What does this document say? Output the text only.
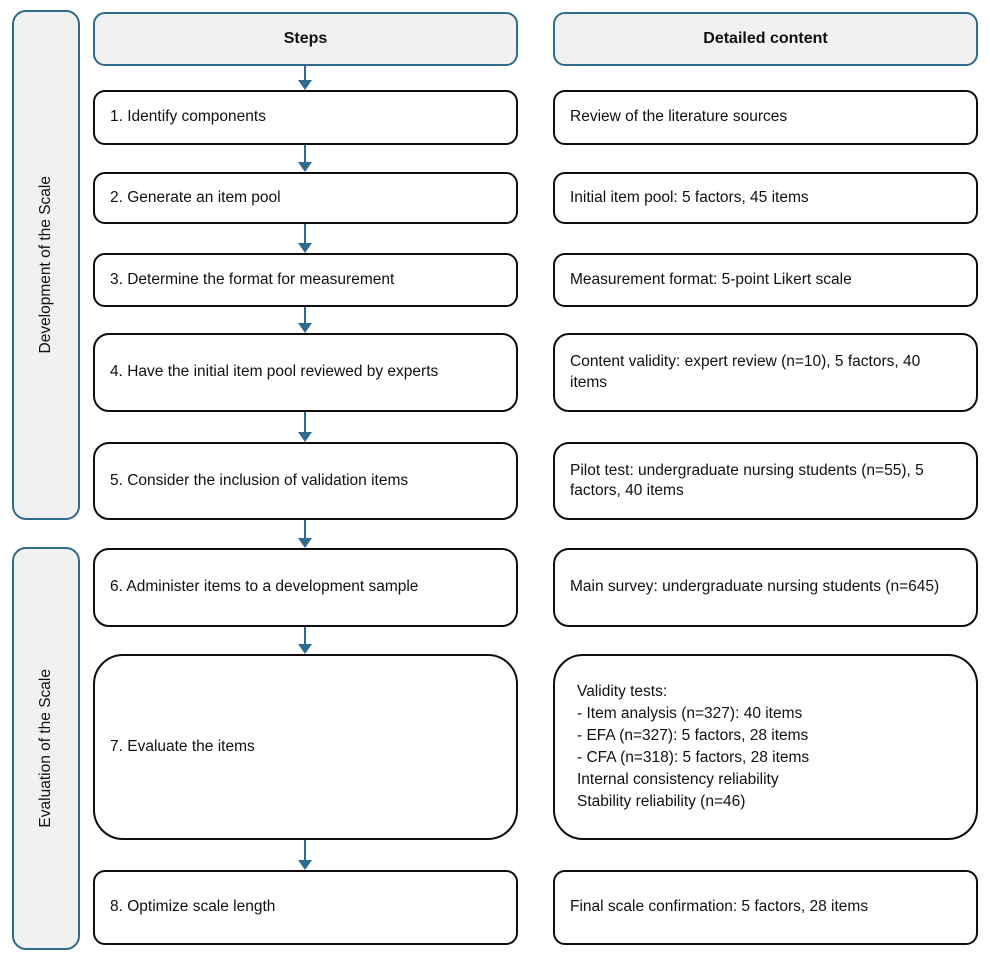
Development of the Scale
Evaluation of the Scale
Steps	Detailed content
1. Identify components
2. Generate an item pool
3. Determine the format for measurement
4. Have the initial item pool reviewed by experts
5. Consider the inclusion of validation items
6. Administer items to a development sample
7. Evaluate the items
8. Optimize scale length
Review of the literature sources
Initial item pool: 5 factors, 45 items
Measurement format: 5-point Likert scale
Content validity: expert review (n=10), 5 factors, 40 items
Pilot test: undergraduate nursing students (n=55), 5 factors, 40 items
Main survey: undergraduate nursing students (n=645)
Validity tests:
- Item analysis (n=327): 40 items
- EFA (n=327): 5 factors, 28 items
- CFA (n=318): 5 factors, 28 items
Internal consistency reliability
Stability reliability (n=46)
Final scale confirmation: 5 factors, 28 items
